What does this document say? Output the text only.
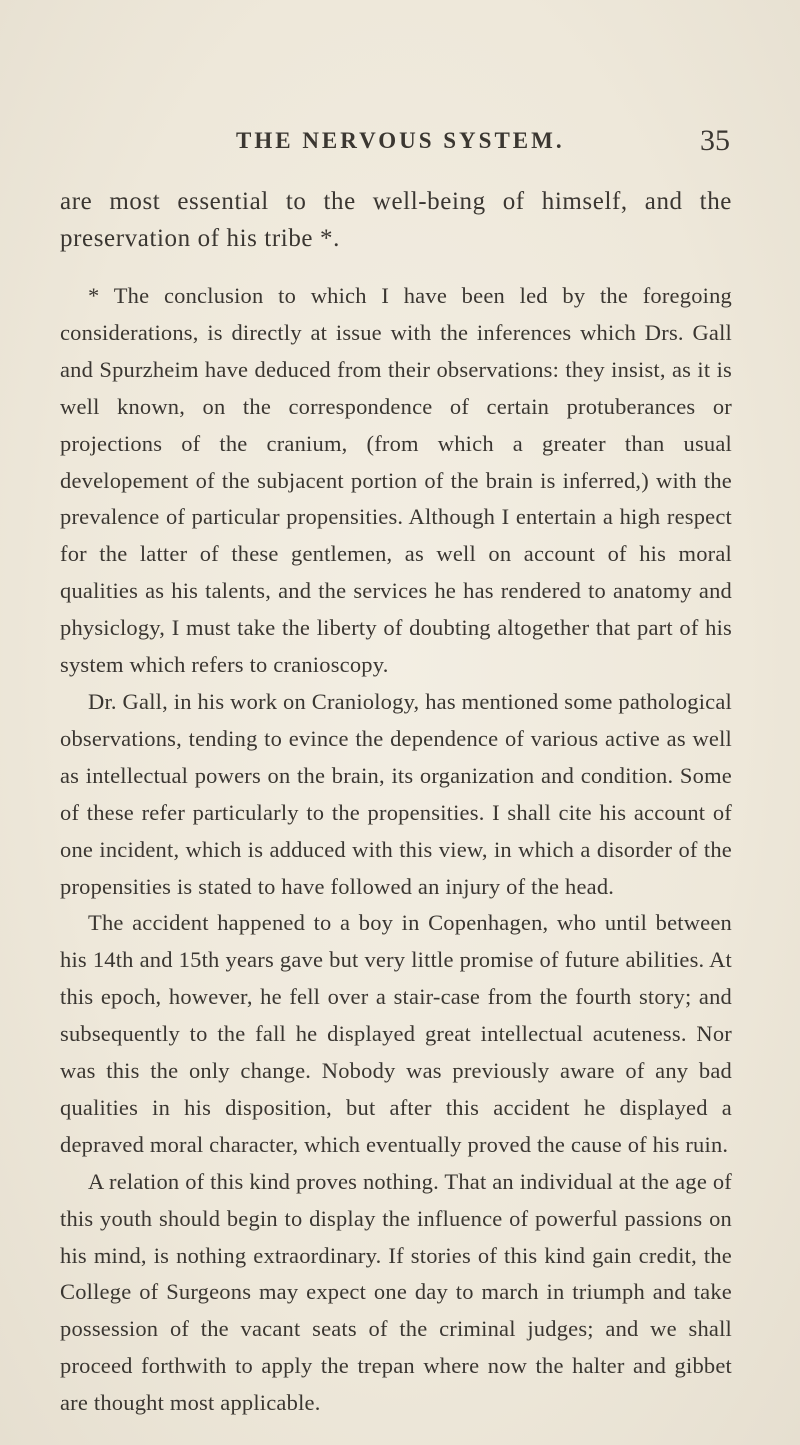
THE NERVOUS SYSTEM.	35

are most essential to the well-being of himself, and the preservation of his tribe *.

* The conclusion to which I have been led by the foregoing considerations, is directly at issue with the inferences which Drs. Gall and Spurzheim have deduced from their observations: they insist, as it is well known, on the correspondence of certain protuberances or projections of the cranium, (from which a greater than usual developement of the subjacent portion of the brain is inferred,) with the prevalence of particular propensities. Although I entertain a high respect for the latter of these gentlemen, as well on account of his moral qualities as his talents, and the services he has rendered to anatomy and physiclogy, I must take the liberty of doubting altogether that part of his system which refers to cranioscopy.

Dr. Gall, in his work on Craniology, has mentioned some pathological observations, tending to evince the dependence of various active as well as intellectual powers on the brain, its organization and condition. Some of these refer particularly to the propensities. I shall cite his account of one incident, which is adduced with this view, in which a disorder of the propensities is stated to have followed an injury of the head.

The accident happened to a boy in Copenhagen, who until between his 14th and 15th years gave but very little promise of future abilities. At this epoch, however, he fell over a stair-case from the fourth story; and subsequently to the fall he displayed great intellectual acuteness. Nor was this the only change. Nobody was previously aware of any bad qualities in his disposition, but after this accident he displayed a depraved moral character, which eventually proved the cause of his ruin.

A relation of this kind proves nothing. That an individual at the age of this youth should begin to display the influence of powerful passions on his mind, is nothing extraordinary. If stories of this kind gain credit, the College of Surgeons may expect one day to march in triumph and take possession of the vacant seats of the criminal judges; and we shall proceed forthwith to apply the trepan where now the halter and gibbet are thought most applicable.
